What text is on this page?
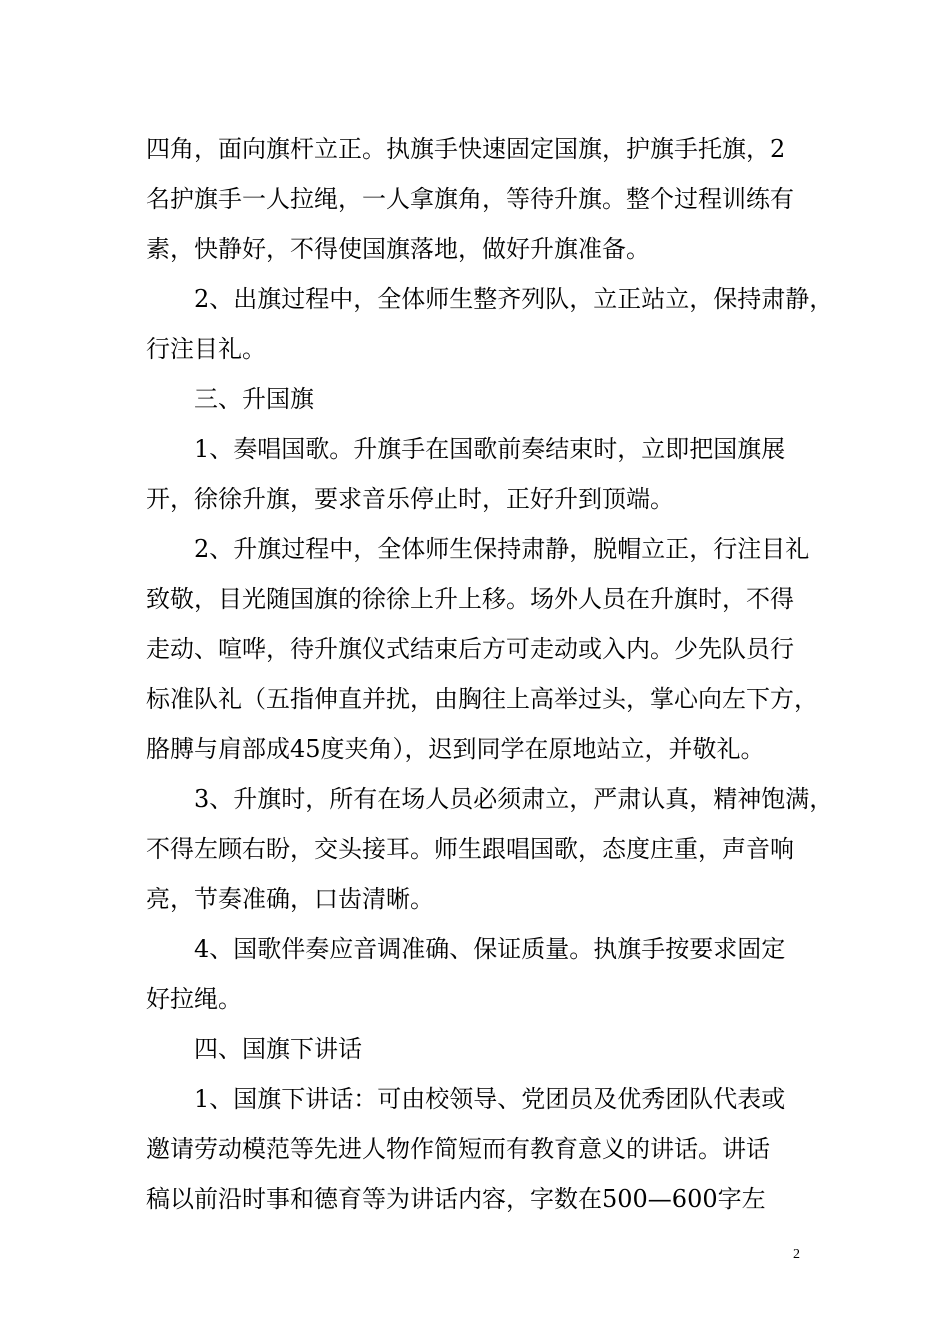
四角，面向旗杆立正。执旗手快速固定国旗，护旗手托旗，2
名护旗手一人拉绳，一人拿旗角，等待升旗。整个过程训练有
素，快静好，不得使国旗落地，做好升旗准备。
2、出旗过程中，全体师生整齐列队，立正站立，保持肃静，
行注目礼。
三、升国旗
1、奏唱国歌。升旗手在国歌前奏结束时，立即把国旗展
开，徐徐升旗，要求音乐停止时，正好升到顶端。
2、升旗过程中，全体师生保持肃静，脱帽立正，行注目礼
致敬，目光随国旗的徐徐上升上移。场外人员在升旗时，不得
走动、喧哗，待升旗仪式结束后方可走动或入内。少先队员行
标准队礼（五指伸直并扰，由胸往上高举过头，掌心向左下方，
胳膊与肩部成45度夹角），迟到同学在原地站立，并敬礼。
3、升旗时，所有在场人员必须肃立，严肃认真，精神饱满，
不得左顾右盼，交头接耳。师生跟唱国歌，态度庄重，声音响
亮，节奏准确，口齿清晰。
4、国歌伴奏应音调准确、保证质量。执旗手按要求固定
好拉绳。
四、国旗下讲话
1、国旗下讲话：可由校领导、党团员及优秀团队代表或
邀请劳动模范等先进人物作简短而有教育意义的讲话。讲话
稿以前沿时事和德育等为讲话内容，字数在500—600字左
2
